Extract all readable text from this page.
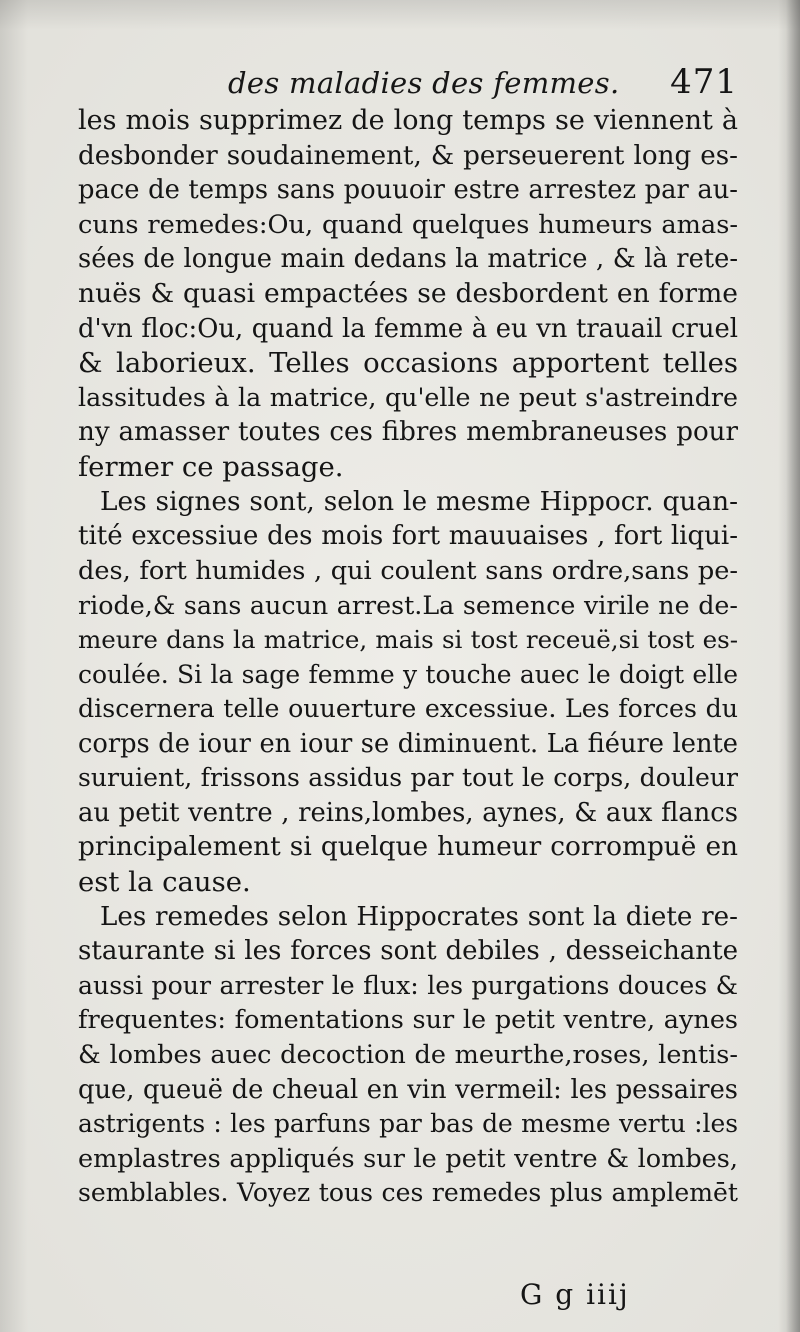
des maladies des femmes. 471
les mois supprimez de long temps se viennent à
desbonder soudainement, & perseuerent long es-
pace de temps sans pouuoir estre arrestez par au-
cuns remedes:Ou, quand quelques humeurs amas-
sées de longue main dedans la matrice , & là rete-
nuës & quasi empactées se desbordent en forme
d'vn floc:Ou, quand la femme à eu vn trauail cruel
& laborieux. Telles occasions apportent telles
lassitudes à la matrice, qu'elle ne peut s'astreindre
ny amasser toutes ces fibres membraneuses pour
fermer ce passage.
Les signes sont, selon le mesme Hippocr. quan-
tité excessiue des mois fort mauuaises , fort liqui-
des, fort humides , qui coulent sans ordre,sans pe-
riode,& sans aucun arrest.La semence virile ne de-
meure dans la matrice, mais si tost receuë,si tost es-
coulée. Si la sage femme y touche auec le doigt elle
discernera telle ouuerture excessiue. Les forces du
corps de iour en iour se diminuent. La fiéure lente
suruient, frissons assidus par tout le corps, douleur
au petit ventre , reins,lombes, aynes, & aux flancs
principalement si quelque humeur corrompuë en
est la cause.
Les remedes selon Hippocrates sont la diete re-
staurante si les forces sont debiles , desseichante
aussi pour arrester le flux: les purgations douces &
frequentes: fomentations sur le petit ventre, aynes
& lombes auec decoction de meurthe,roses, lentis-
que, queuë de cheual en vin vermeil: les pessaires
astrigents : les parfuns par bas de mesme vertu :les
emplastres appliqués sur le petit ventre & lombes,
semblables. Voyez tous ces remedes plus amplemēt
G g iiij
